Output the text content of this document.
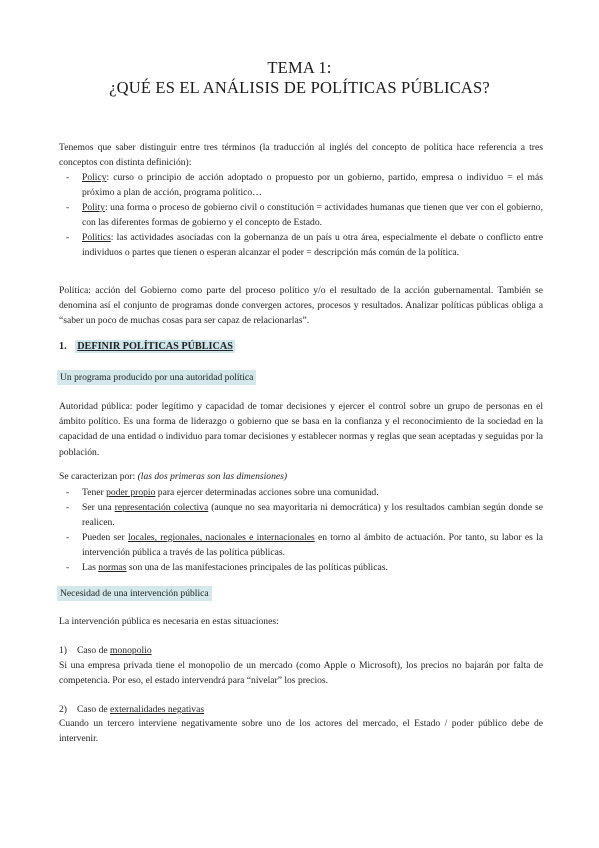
TEMA 1:
¿QUÉ ES EL ANÁLISIS DE POLÍTICAS PÚBLICAS?

Tenemos que saber distinguir entre tres términos (la traducción al inglés del concepto de política hace referencia a tres conceptos con distinta definición):

- Policy: curso o principio de acción adoptado o propuesto por un gobierno, partido, empresa o individuo = el más próximo a plan de acción, programa político…

- Polity: una forma o proceso de gobierno civil o constitución = actividades humanas que tienen que ver con el gobierno, con las diferentes formas de gobierno y el concepto de Estado.

- Politics: las actividades asociadas con la gobernanza de un país u otra área, especialmente el debate o conflicto entre individuos o partes que tienen o esperan alcanzar el poder = descripción más común de la política.

Política: acción del Gobierno como parte del proceso político y/o el resultado de la acción gubernamental. También se denomina así el conjunto de programas donde convergen actores, procesos y resultados. Analizar políticas públicas obliga a “saber un poco de muchas cosas para ser capaz de relacionarlas”.

1. DEFINIR POLÍTICAS PÚBLICAS
Un programa producido por una autoridad política

Autoridad pública: poder legítimo y capacidad de tomar decisiones y ejercer el control sobre un grupo de personas en el ámbito político. Es una forma de liderazgo o gobierno que se basa en la confianza y el reconocimiento de la sociedad en la capacidad de una entidad o individuo para tomar decisiones y establecer normas y reglas que sean aceptadas y seguidas por la población.

Se caracterizan por: (las dos primeras son las dimensiones)
- Tener poder propio para ejercer determinadas acciones sobre una comunidad.

- Ser una representación colectiva (aunque no sea mayoritaria ni democrática) y los resultados cambian según donde se realicen.

- Pueden ser locales, regionales, nacionales e internacionales en torno al ámbito de actuación. Por tanto, su labor es la intervención pública a través de las política públicas.

- Las normas son una de las manifestaciones principales de las políticas públicas.

Necesidad de una intervención pública

La intervención pública es necesaria en estas situaciones:

1) Caso de monopolio

Si una empresa privada tiene el monopolio de un mercado (como Apple o Microsoft), los precios no bajarán por falta de competencia. Por eso, el estado intervendrá para “nivelar” los precios.

2) Caso de externalidades negativas

Cuando un tercero interviene negativamente sobre uno de los actores del mercado, el Estado / poder público debe de intervenir.
